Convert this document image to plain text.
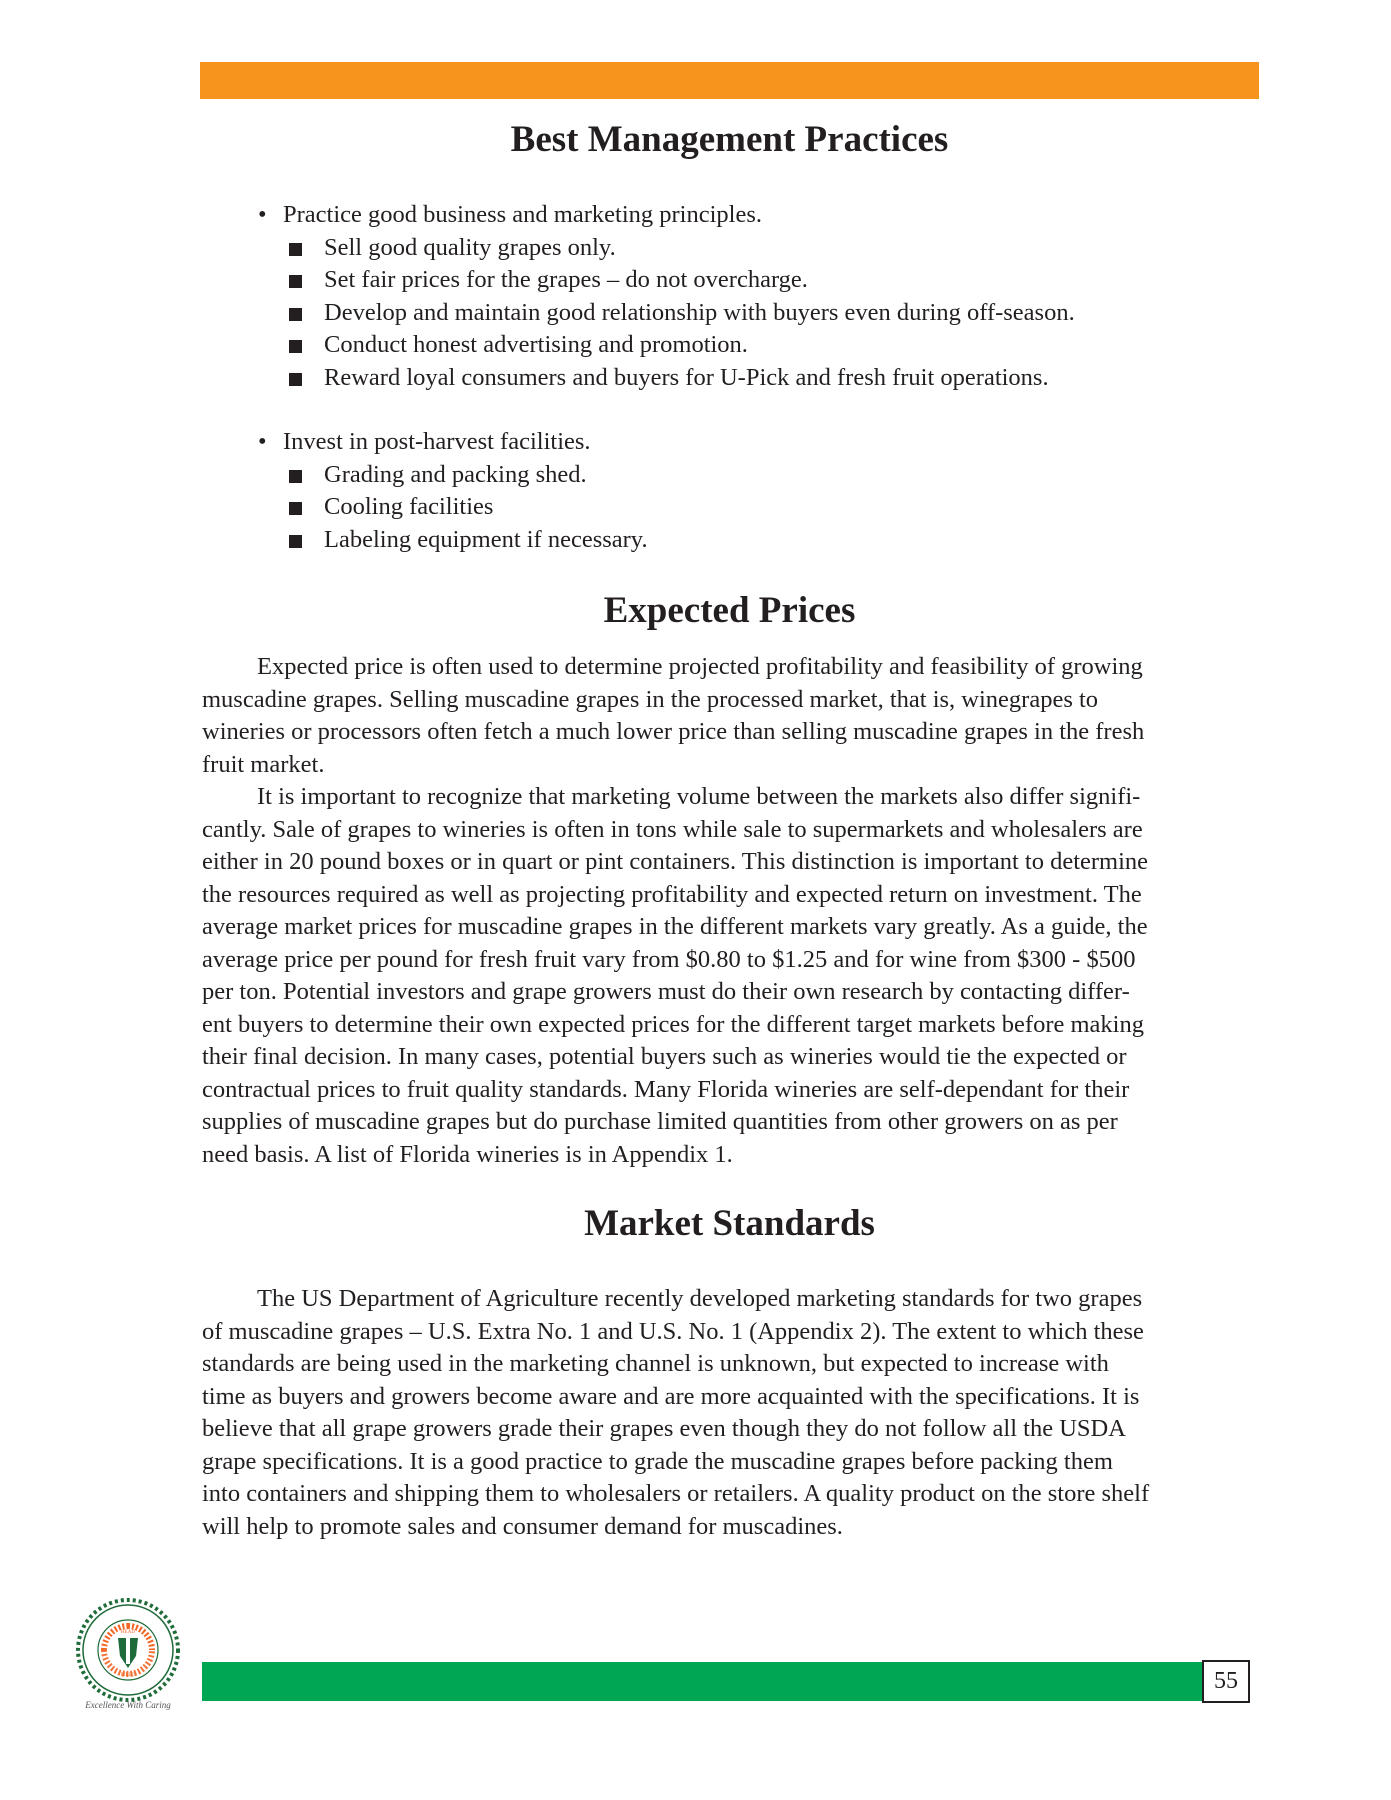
Best Management Practices
• Practice good business and marketing principles.
Sell good quality grapes only.
Set fair prices for the grapes – do not overcharge.
Develop and maintain good relationship with buyers even during off-season.
Conduct honest advertising and promotion.
Reward loyal consumers and buyers for U-Pick and fresh fruit operations.
• Invest in post-harvest facilities.
Grading and packing shed.
Cooling facilities
Labeling equipment if necessary.
Expected Prices
Expected price is often used to determine projected profitability and feasibility of growing
muscadine grapes. Selling muscadine grapes in the processed market, that is, winegrapes to
wineries or processors often fetch a much lower price than selling muscadine grapes in the fresh
fruit market.
It is important to recognize that marketing volume between the markets also differ signifi-
cantly. Sale of grapes to wineries is often in tons while sale to supermarkets and wholesalers are
either in 20 pound boxes or in quart or pint containers. This distinction is important to determine
the resources required as well as projecting profitability and expected return on investment. The
average market prices for muscadine grapes in the different markets vary greatly. As a guide, the
average price per pound for fresh fruit vary from $0.80 to $1.25 and for wine from $300 - $500
per ton. Potential investors and grape growers must do their own research by contacting differ-
ent buyers to determine their own expected prices for the different target markets before making
their final decision. In many cases, potential buyers such as wineries would tie the expected or
contractual prices to fruit quality standards. Many Florida wineries are self-dependant for their
supplies of muscadine grapes but do purchase limited quantities from other growers on as per
need basis. A list of Florida wineries is in Appendix 1.
Market Standards
The US Department of Agriculture recently developed marketing standards for two grapes
of muscadine grapes – U.S. Extra No. 1 and U.S. No. 1 (Appendix 2). The extent to which these
standards are being used in the marketing channel is unknown, but expected to increase with
time as buyers and growers become aware and are more acquainted with the specifications. It is
believe that all grape growers grade their grapes even though they do not follow all the USDA
grape specifications. It is a good practice to grade the muscadine grapes before packing them
into containers and shipping them to wholesalers or retailers. A quality product on the store shelf
will help to promote sales and consumer demand for muscadines.
HEAD
FIELD
Excellence With Caring
55
